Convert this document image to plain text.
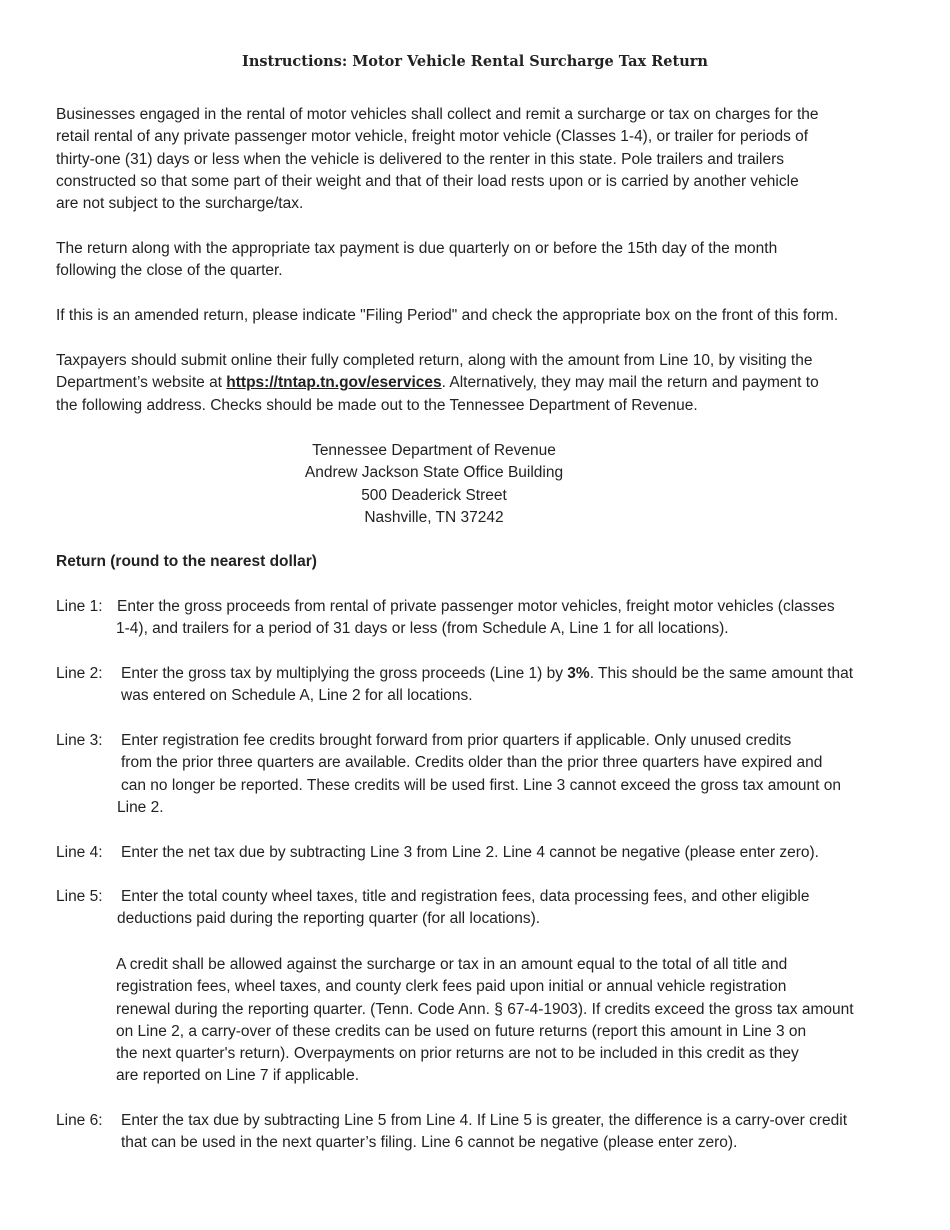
Instructions: Motor Vehicle Rental Surcharge Tax Return
Businesses engaged in the rental of motor vehicles shall collect and remit a surcharge or tax on charges for the
retail rental of any private passenger motor vehicle, freight motor vehicle (Classes 1-4), or trailer for periods of
thirty-one (31) days or less when the vehicle is delivered to the renter in this state. Pole trailers and trailers
constructed so that some part of their weight and that of their load rests upon or is carried by another vehicle
are not subject to the surcharge/tax.
The return along with the appropriate tax payment is due quarterly on or before the 15th day of the month
following the close of the quarter.
If this is an amended return, please indicate "Filing Period" and check the appropriate box on the front of this form.
Taxpayers should submit online their fully completed return, along with the amount from Line 10, by visiting the
Department’s website at https://tntap.tn.gov/eservices. Alternatively, they may mail the return and payment to
the following address. Checks should be made out to the Tennessee Department of Revenue.
Tennessee Department of Revenue
Andrew Jackson State Office Building
500 Deaderick Street
Nashville, TN 37242
Return (round to the nearest dollar)
Line 1: Enter the gross proceeds from rental of private passenger motor vehicles, freight motor vehicles (classes
1-4), and trailers for a period of 31 days or less (from Schedule A, Line 1 for all locations).
Line 2: Enter the gross tax by multiplying the gross proceeds (Line 1) by 3%. This should be the same amount that
was entered on Schedule A, Line 2 for all locations.
Line 3: Enter registration fee credits brought forward from prior quarters if applicable. Only unused credits
from the prior three quarters are available. Credits older than the prior three quarters have expired and
can no longer be reported. These credits will be used first. Line 3 cannot exceed the gross tax amount on
Line 2.
Line 4: Enter the net tax due by subtracting Line 3 from Line 2. Line 4 cannot be negative (please enter zero).
Line 5: Enter the total county wheel taxes, title and registration fees, data processing fees, and other eligible
deductions paid during the reporting quarter (for all locations).
A credit shall be allowed against the surcharge or tax in an amount equal to the total of all title and
registration fees, wheel taxes, and county clerk fees paid upon initial or annual vehicle registration
renewal during the reporting quarter. (Tenn. Code Ann. § 67-4-1903). If credits exceed the gross tax amount
on Line 2, a carry-over of these credits can be used on future returns (report this amount in Line 3 on
the next quarter's return). Overpayments on prior returns are not to be included in this credit as they
are reported on Line 7 if applicable.
Line 6: Enter the tax due by subtracting Line 5 from Line 4. If Line 5 is greater, the difference is a carry-over credit
that can be used in the next quarter’s filing. Line 6 cannot be negative (please enter zero).
